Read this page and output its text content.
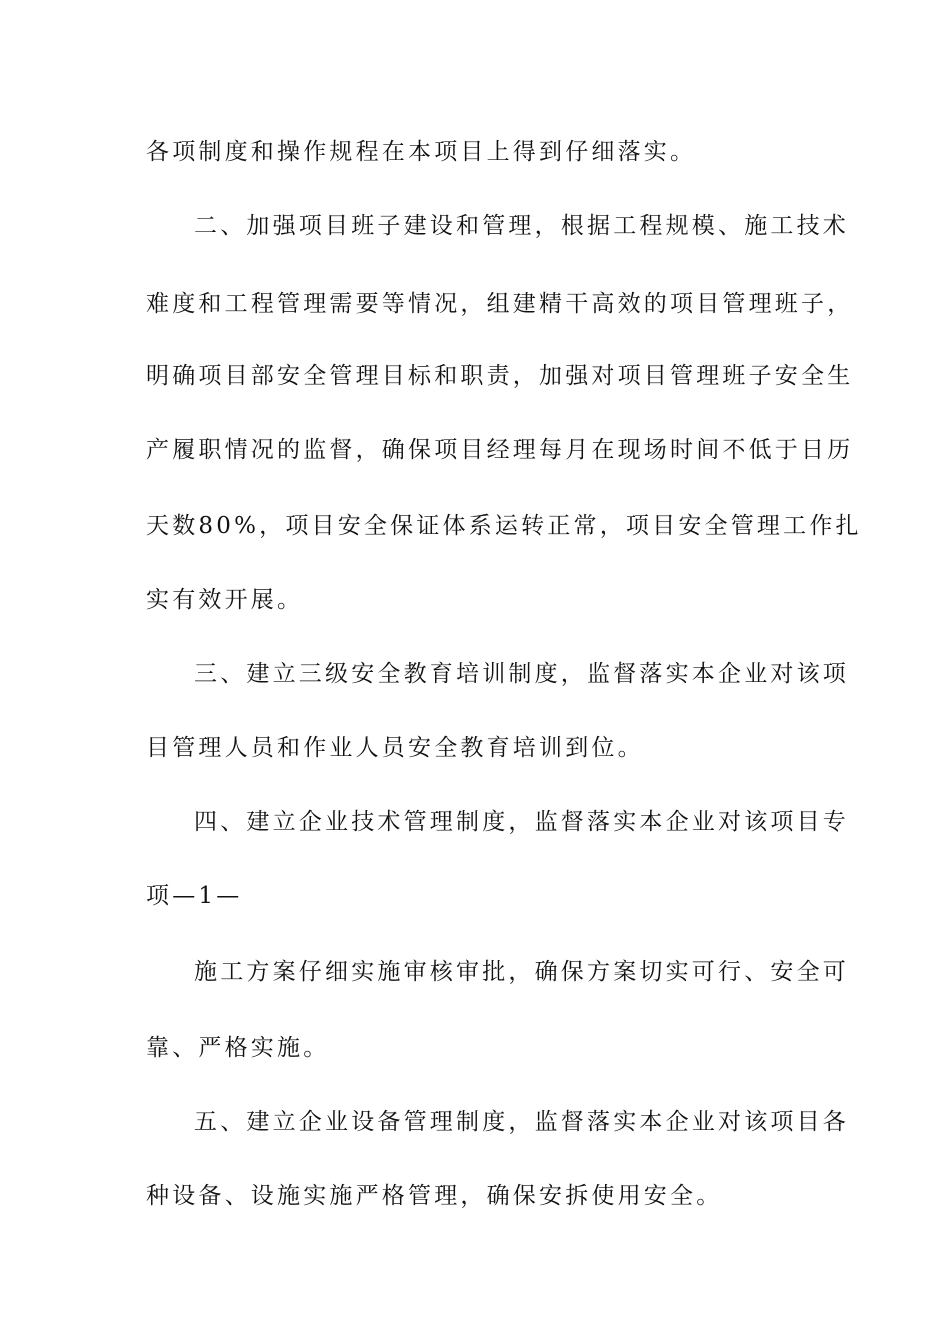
各项制度和操作规程在本项目上得到仔细落实。
二、加强项目班子建设和管理，根据工程规模、施工技术
难度和工程管理需要等情况，组建精干高效的项目管理班子，
明确项目部安全管理目标和职责，加强对项目管理班子安全生
产履职情况的监督，确保项目经理每月在现场时间不低于日历
天数80%，项目安全保证体系运转正常，项目安全管理工作扎
实有效开展。
三、建立三级安全教育培训制度，监督落实本企业对该项
目管理人员和作业人员安全教育培训到位。
四、建立企业技术管理制度，监督落实本企业对该项目专
项—1—
施工方案仔细实施审核审批，确保方案切实可行、安全可
靠、严格实施。
五、建立企业设备管理制度，监督落实本企业对该项目各
种设备、设施实施严格管理，确保安拆使用安全。
